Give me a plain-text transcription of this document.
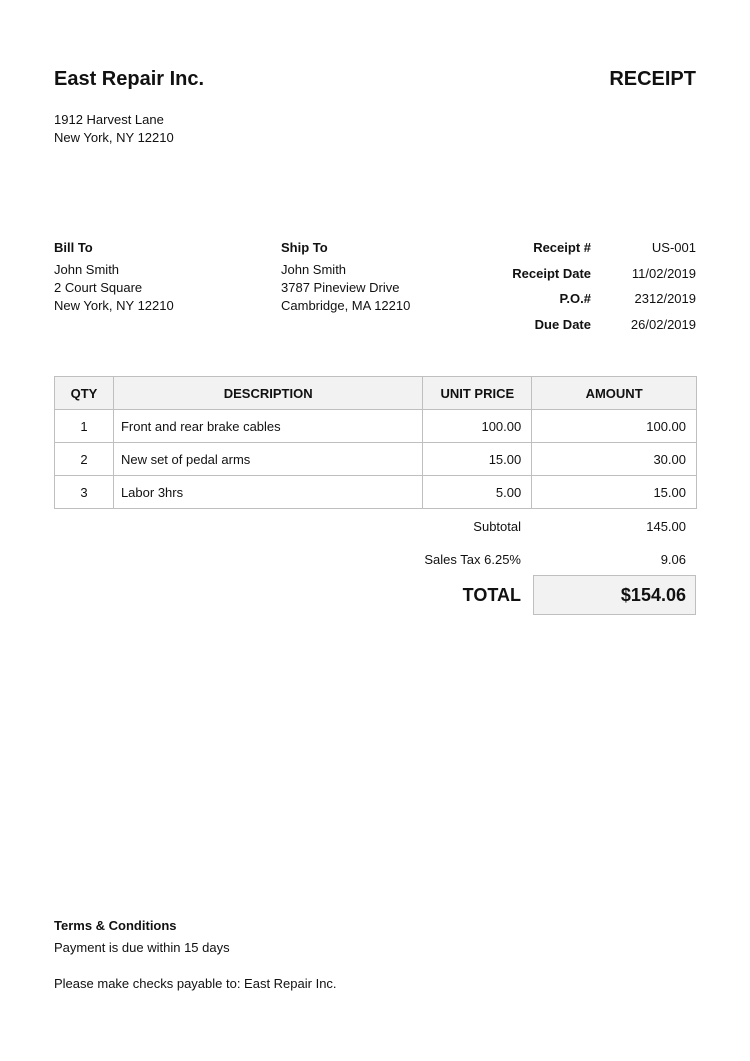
East Repair Inc.	RECEIPT
1912 Harvest Lane
New York, NY 12210
Bill To
John Smith
2 Court Square
New York, NY 12210
Ship To
John Smith
3787 Pineview Drive
Cambridge, MA 12210
Receipt #	US-001
Receipt Date	11/02/2019
P.O.#	2312/2019
Due Date	26/02/2019
QTY	DESCRIPTION	UNIT PRICE	AMOUNT
1	Front and rear brake cables	100.00	100.00
2	New set of pedal arms	15.00	30.00
3	Labor 3hrs	5.00	15.00
Subtotal	145.00
Sales Tax 6.25%	9.06
TOTAL	$154.06
Terms & Conditions
Payment is due within 15 days
Please make checks payable to: East Repair Inc.
